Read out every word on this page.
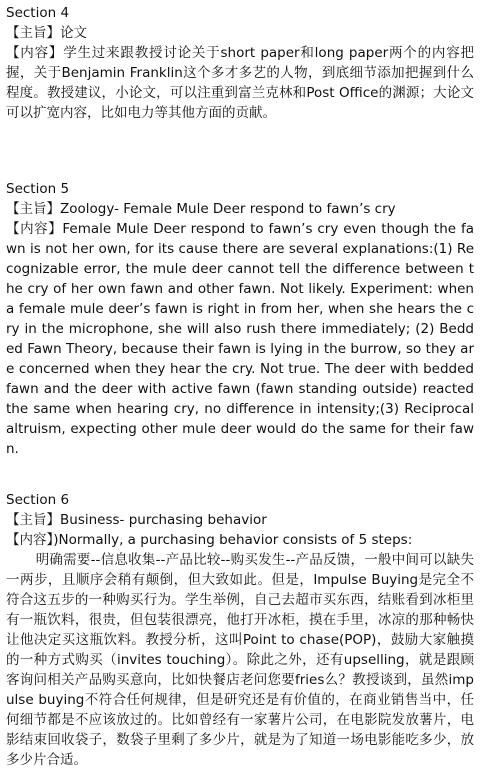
Section 4

【主旨】论文

【内容】学生过来跟教授讨论关于short paper和long paper两个的内容把握，关于Benjamin Franklin这个多才多艺的人物，到底细节添加把握到什么程度。教授建议，小论文，可以注重到富兰克林和Post Office的渊源；大论文可以扩宽内容，比如电力等其他方面的贡献。

Section 5

【主旨】Zoology- Female Mule Deer respond to fawn’s cry

【内容】Female Mule Deer respond to fawn’s cry even though the fawn is not her own, for its cause there are several explanations:(1) Recognizable error, the mule deer cannot tell the difference between the cry of her own fawn and other fawn. Not likely. Experiment: when a female mule deer’s fawn is right in from her, when she hears the cry in the microphone, she will also rush there immediately; (2) Bedded Fawn Theory, because their fawn is lying in the burrow, so they are concerned when they hear the cry. Not true. The deer with bedded fawn and the deer with active fawn (fawn standing outside) reacted the same when hearing cry, no difference in intensity;(3) Reciprocal altruism, expecting other mule deer would do the same for their fawn.

Section 6

【主旨】Business- purchasing behavior

【内容】)Normally, a purchasing behavior consists of 5 steps:

明确需要--信息收集--产品比较--购买发生--产品反馈，一般中间可以缺失一两步，且顺序会稍有颠倒，但大致如此。但是，Impulse Buying是完全不符合这五步的一种购买行为。学生举例，自己去超市买东西，结账看到冰柜里有一瓶饮料，很贵，但包装很漂亮，他打开冰柜，摸在手里，冰凉的那种畅快让他决定买这瓶饮料。教授分析，这叫Point to chase(POP)，鼓励大家触摸的一种方式购买（invites touching）。除此之外，还有upselling，就是跟顾客询问相关产品购买意向，比如快餐店老问您要fries么？教授谈到，虽然impulse buying不符合任何规律，但是研究还是有价值的，在商业销售当中，任何细节都是不应该放过的。比如曾经有一家薯片公司，在电影院发放薯片，电影结束回收袋子，数袋子里剩了多少片，就是为了知道一场电影能吃多少，放多少片合适。
